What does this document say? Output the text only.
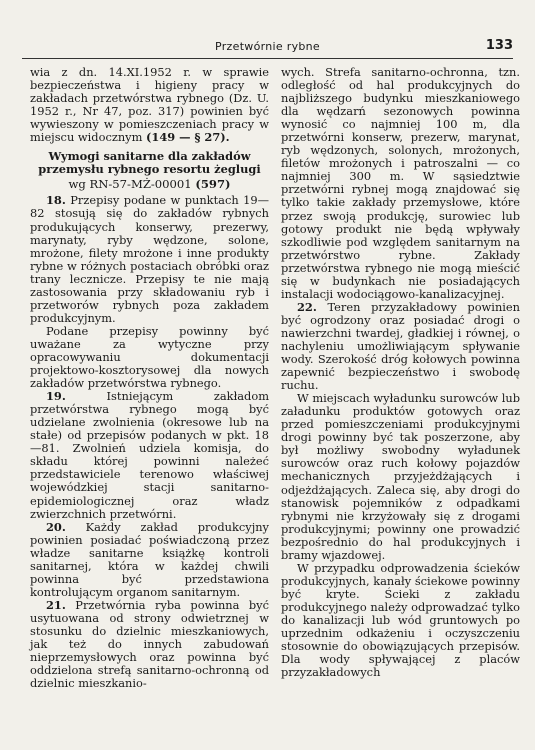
Przetwórnie rybne	133

wia z dn. 14.XI.1952 r. w sprawie bezpieczeństwa i higieny pracy w zakładach przetwórstwa rybnego (Dz. U. 1952 r., Nr 47, poz. 317) powinien być wywieszony w pomieszczeniach pracy w miejscu widocznym (149 — § 27).

Wymogi sanitarne dla zakładów przemysłu rybnego resortu żeglugi

wg RN-57-MŻ-00001 (597)

18. Przepisy podane w punktach 19—82 stosują się do zakładów rybnych produkujących konserwy, prezerwy, marynaty, ryby wędzone, solone, mrożone, filety mrożone i inne produkty rybne w różnych postaciach obróbki oraz trany lecznicze. Przepisy te nie mają zastosowania przy składowaniu ryb i przetworów rybnych poza zakładem produkcyjnym.

Podane przepisy powinny być uważane za wytyczne przy opracowywaniu dokumentacji projektowo-kosztorysowej dla nowych zakładów przetwórstwa rybnego.

19. Istniejącym zakładom przetwórstwa rybnego mogą być udzielane zwolnienia (okresowe lub na stałe) od przepisów podanych w pkt. 18—81. Zwolnień udziela komisja, do składu której powinni należeć przedstawiciele terenowo właściwej wojewódzkiej stacji sanitarno-epidemiologicznej oraz władz zwierzchnich przetwórni.

20. Każdy zakład produkcyjny powinien posiadać poświadczoną przez władze sanitarne książkę kontroli sanitarnej, która w każdej chwili powinna być przedstawiona kontrolującym organom sanitarnym.

21. Przetwórnia ryba powinna być usytuowana od strony odwietrznej w stosunku do dzielnic mieszkaniowych, jak też do innych zabudowań nieprzemysłowych oraz powinna być oddzielona strefą sanitarno-ochronną od dzielnic mieszkanio-

wych. Strefa sanitarno-ochronna, tzn. odległość od hal produkcyjnych do najbliższego budynku mieszkaniowego dla wędzarń sezonowych powinna wynosić co najmniej 100 m, dla przetwórni konserw, prezerw, marynat, ryb wędzonych, solonych, mrożonych, filetów mrożonych i patroszalni — co najmniej 300 m. W sąsiedztwie przetwórni rybnej mogą znajdować się tylko takie zakłady przemysłowe, które przez swoją produkcję, surowiec lub gotowy produkt nie będą wpływały szkodliwie pod względem sanitarnym na przetwórstwo rybne. Zakłady przetwórstwa rybnego nie mogą mieścić się w budynkach nie posiadających instalacji wodociągowo-kanalizacyjnej.

22. Teren przyzakładowy powinien być ogrodzony oraz posiadać drogi o nawierzchni twardej, gładkiej i równej, o nachyleniu umożliwiającym spływanie wody. Szerokość dróg kołowych powinna zapewnić bezpieczeństwo i swobodę ruchu.

W miejscach wyładunku surowców lub załadunku produktów gotowych oraz przed pomieszczeniami produkcyjnymi drogi powinny być tak poszerzone, aby był możliwy swobodny wyładunek surowców oraz ruch kołowy pojazdów mechanicznych przyjeżdżających i odjeżdżających. Zaleca się, aby drogi do stanowisk pojemników z odpadkami rybnymi nie krzyżowały się z drogami produkcyjnymi; powinny one prowadzić bezpośrednio do hal produkcyjnych i bramy wjazdowej.

W przypadku odprowadzenia ścieków produkcyjnych, kanały ściekowe powinny być kryte. Ścieki z zakładu produkcyjnego należy odprowadzać tylko do kanalizacji lub wód gruntowych po uprzednim odkażeniu i oczyszczeniu stosownie do obowiązujących przepisów. Dla wody spływającej z placów przyzakładowych
